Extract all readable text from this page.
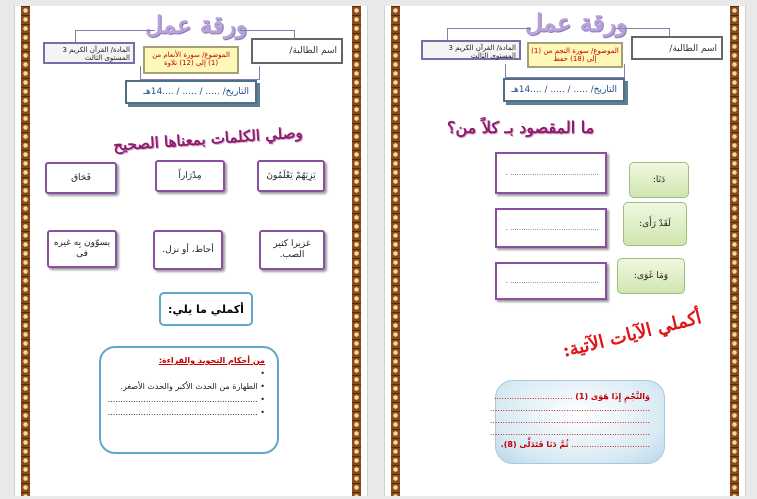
ورقة عمل
المادة/ القرآن الكريم 3 المستوى الثالث	الموضوع/ سورة الأنعام من (1) إلى (12) تلاوة
اسم الطالبة/
التاريخ/ ..... / ..... / ....14هـ
وصلي الكلمات بمعناها الصحيح
يَزِيَهُمْ يَعْلَمُونَ
مِدْرَاراً
فَحَاق
غزيرا كثير الصب.
أحاط، أو نزل.
يسوّون بِه غيره فى
أكملي ما يلي:
من أحكام التجويد والقراءة:
•
• الطهارة من الحدث الأكبر والحدث الأصغر.
• ...........................................................
• ...........................................................
ورقة عمل
المادة/ القرآن الكريم 3 المستوى الثالث
الموضوع/ سورة النجم من (1) إلى (18) حفظ
اسم الطالبة/
التاريخ/ ..... / ..... / ....14هـ
ما المقصود بـ كلاً من؟
........................................ .
دَنَا:
........................................ .	لَقَدْ رَأَى:
........................................ .	وَمَا غَوَى:
أكملي الآيات الآتية:
وَالنَّجْمِ إِذَا هَوَى (1) ...............................
...............................................................
...............................................................
...............................................................
............................... ثُمَّ دَنَا فَتَدَلَّى (8).
